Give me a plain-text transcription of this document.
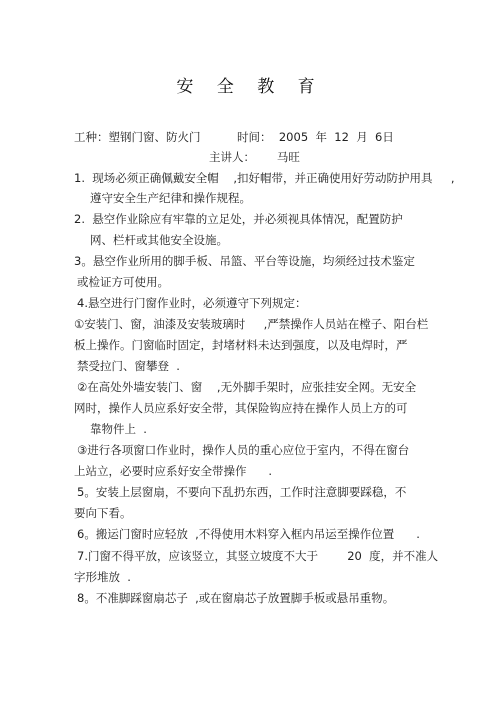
安 全 教 育
工种：塑钢门窗、防火门          时间：  2005  年  12  月  6日
主讲人：      马旺
1.  现场必须正确佩戴安全帽    ,扣好帽带，并正确使用好劳动防护用具     ,
遵守安全生产纪律和操作规程。
2.  悬空作业除应有牢靠的立足处，并必须视具体情况，配置防护
网、栏杆或其他安全设施。
3。悬空作业所用的脚手板、吊篮、平台等设施，均须经过技术鉴定
或检证方可使用。
4.悬空进行门窗作业时，必须遵守下列规定：
①安装门、窗，油漆及安装玻璃时     ,严禁操作人员站在樘子、阳台栏
板上操作。门窗临时固定，封堵材料未达到强度，以及电焊时，严
禁受拉门、窗攀登  .
②在高处外墙安装门、窗    ,无外脚手架时，应张挂安全网。无安全
网时，操作人员应系好安全带，其保险钩应持在操作人员上方的可
靠物件上  .
③进行各项窗口作业时，操作人员的重心应位于室内，不得在窗台
上站立，必要时应系好安全带操作      .
5。安装上层窗扇，不要向下乱扔东西，工作时注意脚要踩稳，不
要向下看。
6。搬运门窗时应轻放  ,不得使用木料穿入框内吊运至操作位置      .
7.门窗不得平放，应该竖立，其竖立坡度不大于        20  度，并不准人
字形堆放  .
8。不准脚踩窗扇芯子  ,或在窗扇芯子放置脚手板或悬吊重物。
